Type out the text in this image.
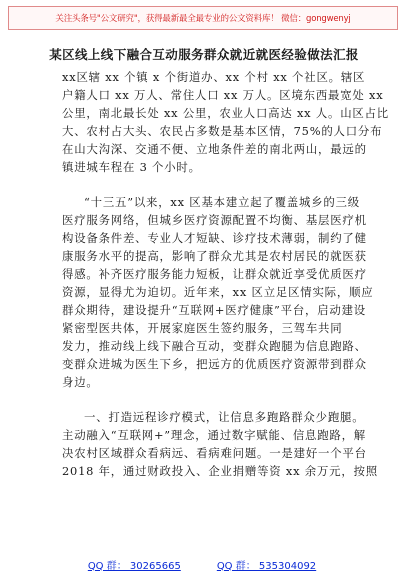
关注头条号"公文研究"，获得最新最全最专业的公文资料库！ 微信：gongwenyj
某区线上线下融合互动服务群众就近就医经验做法汇报
xx区辖 xx 个镇 x 个街道办、xx 个村 xx 个社区。辖区
户籍人口 xx 万人、常住人口 xx 万人。区境东西最宽处 xx
公里，南北最长处 xx 公里，农业人口高达 xx 人。山区占比
大、农村占大头、农民占多数是基本区情，75%的人口分布
在山大沟深、交通不便、立地条件差的南北两山，最远的
镇进城车程在 3 个小时。
“十三五”以来，xx 区基本建立起了覆盖城乡的三级
医疗服务网络，但城乡医疗资源配置不均衡、基层医疗机
构设备条件差、专业人才短缺、诊疗技术薄弱，制约了健
康服务水平的提高，影响了群众尤其是农村居民的就医获
得感。补齐医疗服务能力短板，让群众就近享受优质医疗
资源，显得尤为迫切。近年来，xx 区立足区情实际，顺应
群众期待，建设提升“互联网+医疗健康”平台，启动建设
紧密型医共体，开展家庭医生签约服务，三驾车共同
发力，推动线上线下融合互动，变群众跑腿为信息跑路、
变群众进城为医生下乡，把远方的优质医疗资源带到群众
身边。
一、打造远程诊疗模式，让信息多跑路群众少跑腿。
主动融入“互联网+”理念，通过数字赋能、信息跑路，解
决农村区域群众看病远、看病难问题。一是建好一个平台
2018 年，通过财政投入、企业捐赠等资 xx 余万元，按照
QQ 群： 30265665	QQ 群： 535304092
